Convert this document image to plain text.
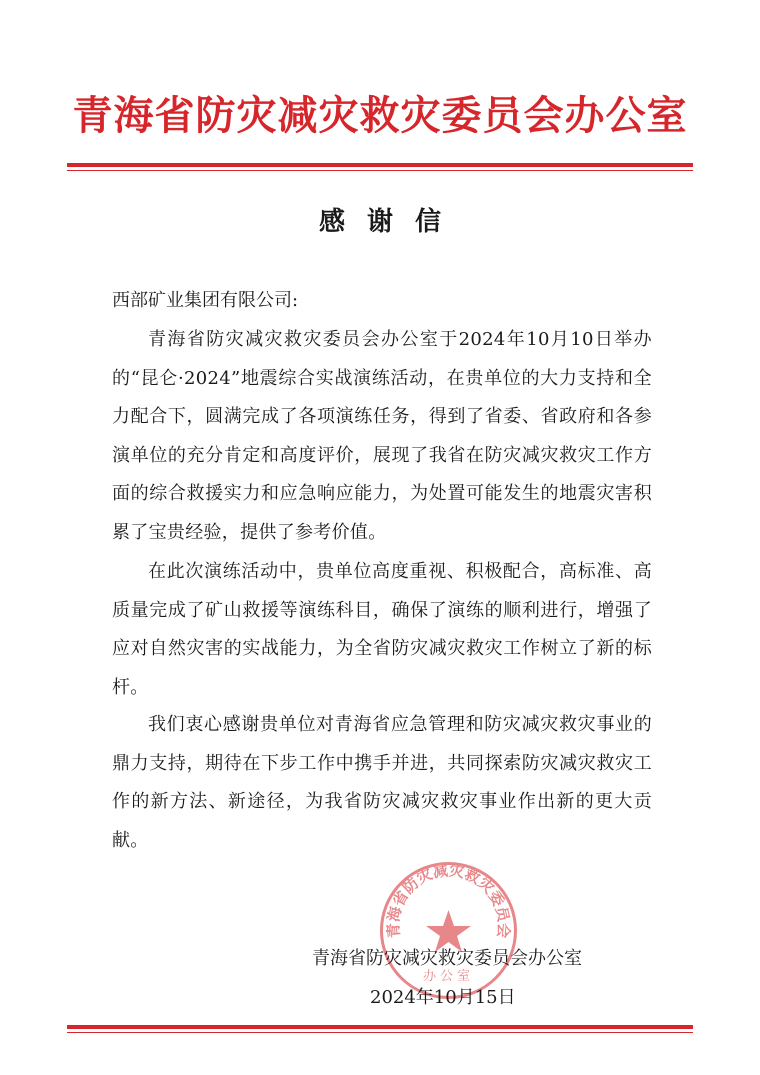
青海省防灾减灾救灾委员会办公室
感谢信
西部矿业集团有限公司:

青海省防灾减灾救灾委员会办公室于2024年10月10日举办的“昆仑·2024”地震综合实战演练活动，在贵单位的大力支持和全力配合下，圆满完成了各项演练任务，得到了省委、省政府和各参演单位的充分肯定和高度评价，展现了我省在防灾减灾救灾工作方面的综合救援实力和应急响应能力，为处置可能发生的地震灾害积累了宝贵经验，提供了参考价值。

在此次演练活动中，贵单位高度重视、积极配合，高标准、高质量完成了矿山救援等演练科目，确保了演练的顺利进行，增强了应对自然灾害的实战能力，为全省防灾减灾救灾工作树立了新的标杆。

我们衷心感谢贵单位对青海省应急管理和防灾减灾救灾事业的鼎力支持，期待在下步工作中携手并进，共同探索防灾减灾救灾工作的新方法、新途径，为我省防灾减灾救灾事业作出新的更大贡献。

青海省防灾减灾救灾委员会
办公室
青海省防灾减灾救灾委员会办公室
2024年10月15日
